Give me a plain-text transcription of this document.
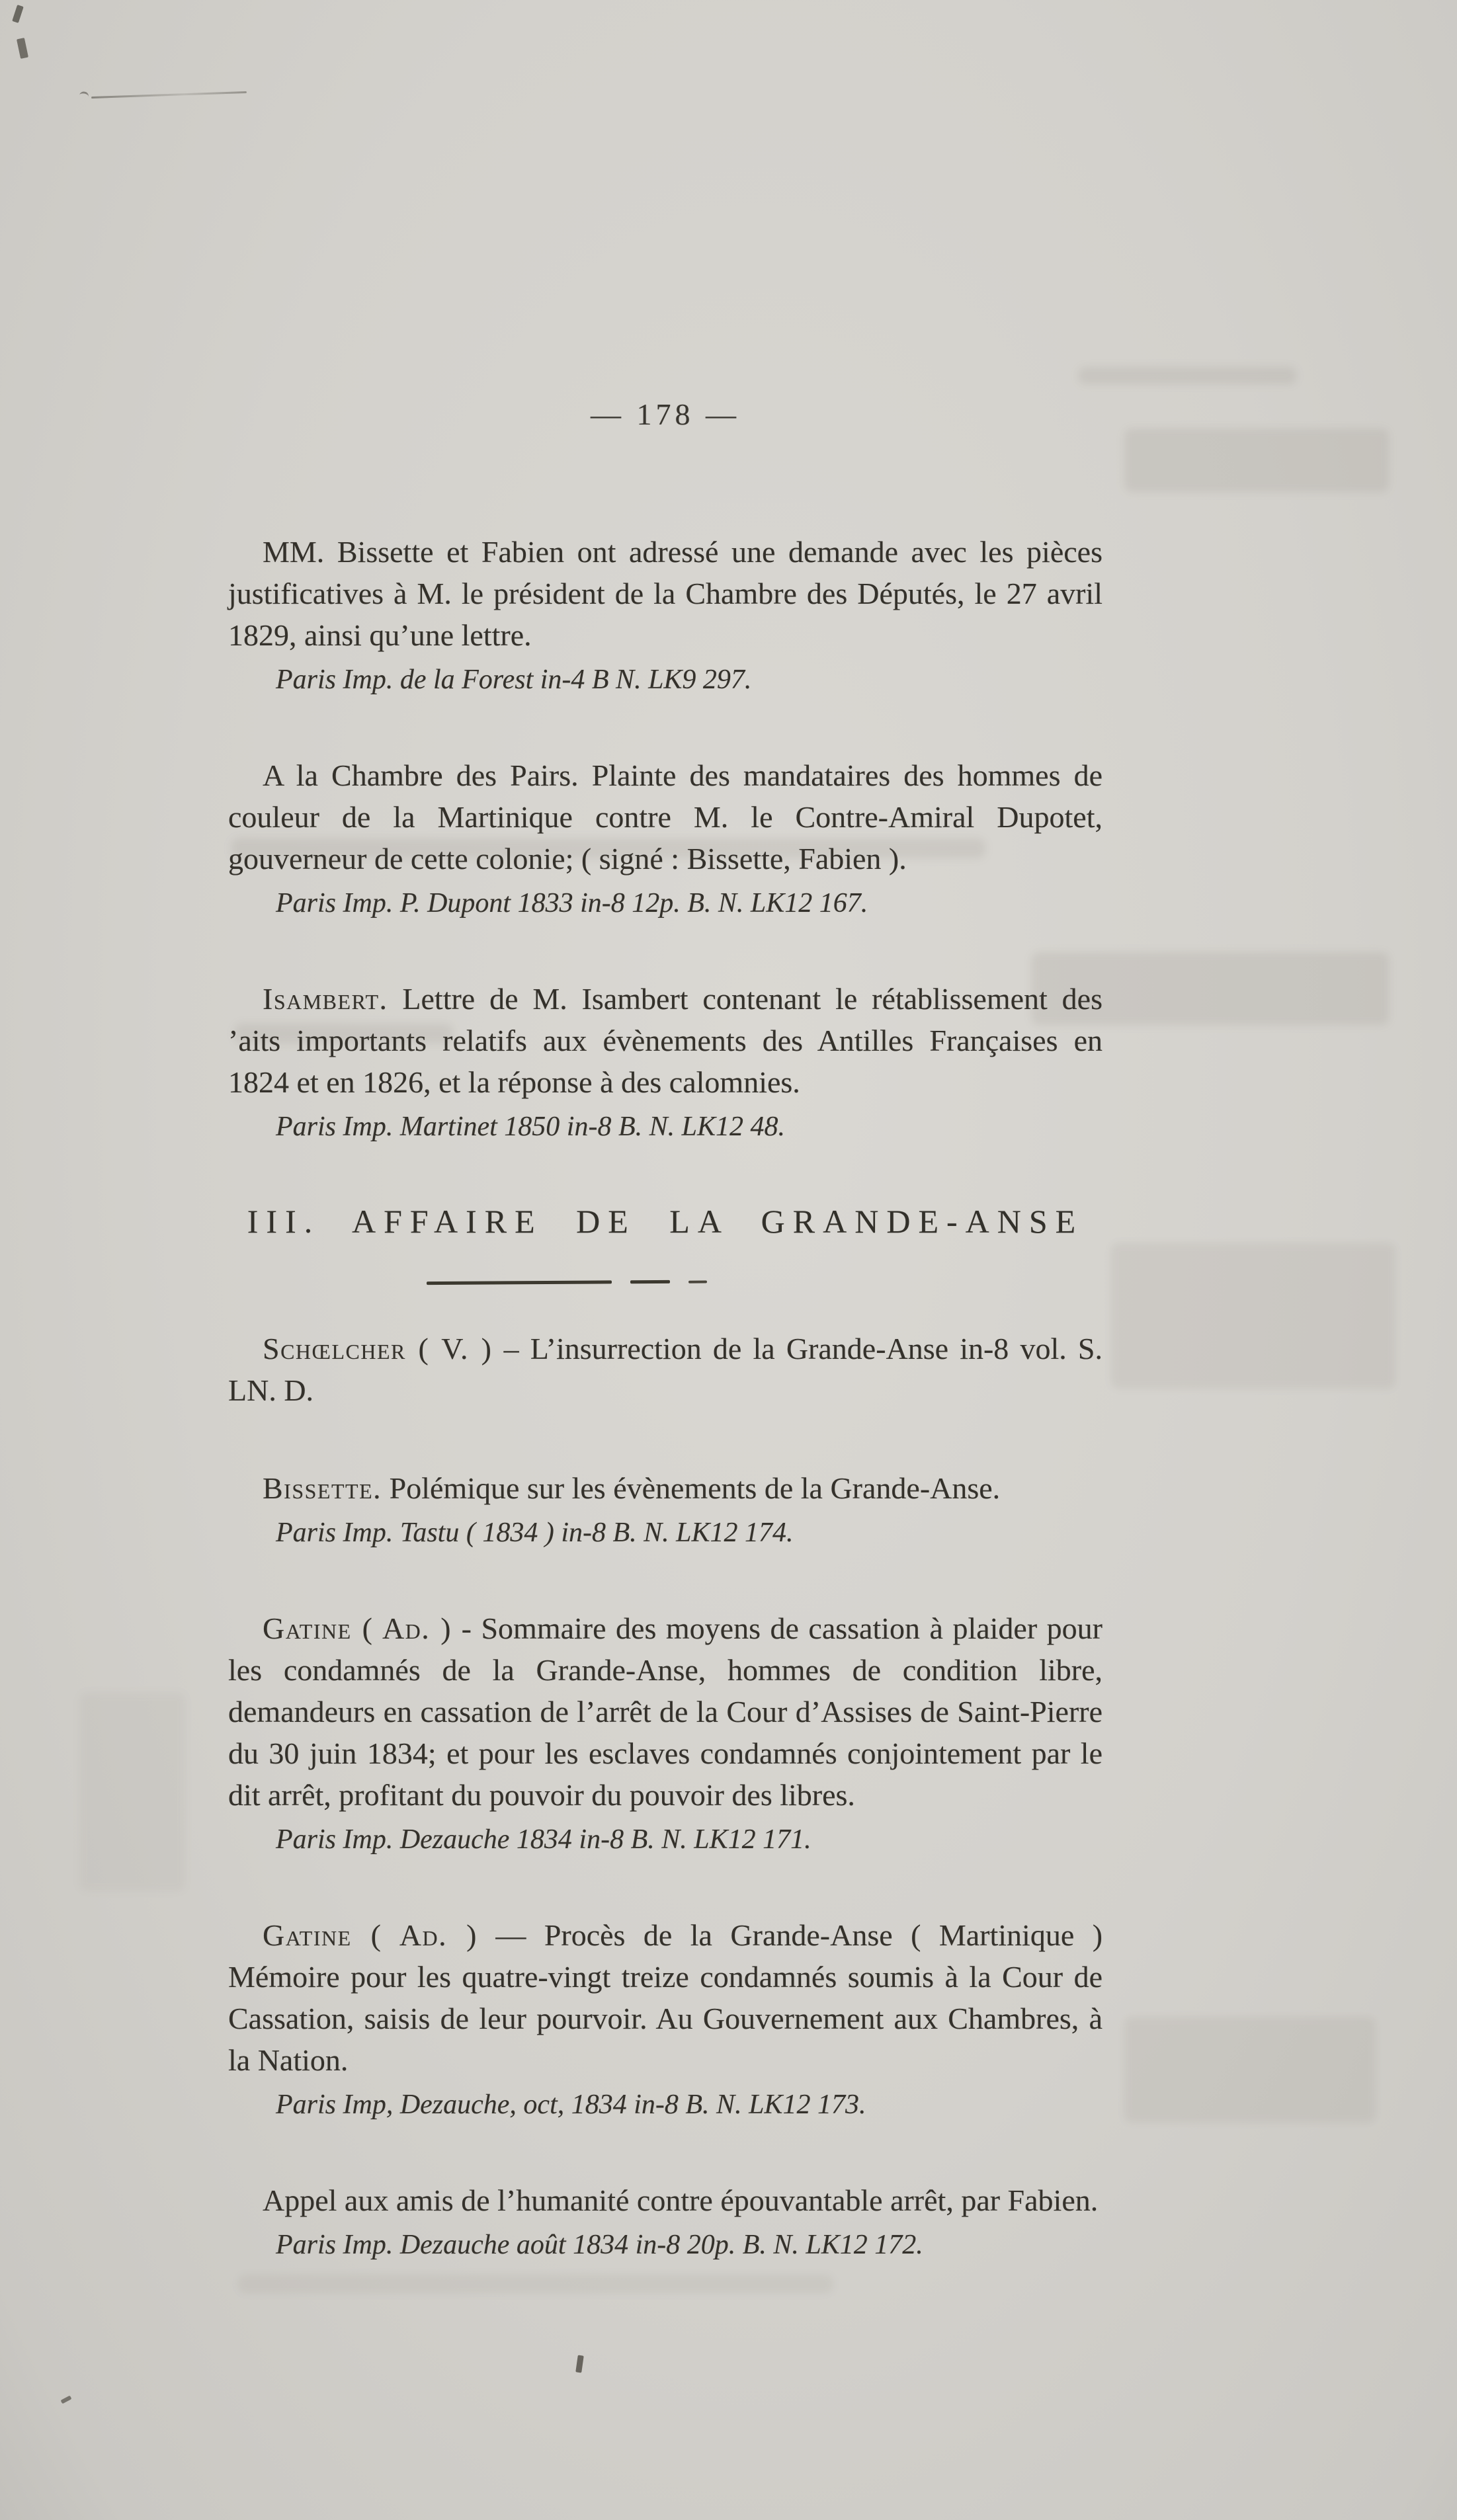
— 178 —

MM. Bissette et Fabien ont adressé une demande avec les pièces justificatives à M. le président de la Chambre des Députés, le 27 avril 1829, ainsi qu’une lettre.

Paris Imp. de la Forest in-4 B N. LK9 297.

A la Chambre des Pairs. Plainte des mandataires des hommes de couleur de la Martinique contre M. le Contre-Amiral Dupotet, gouverneur de cette colonie; ( signé : Bissette, Fabien ).

Paris Imp. P. Dupont 1833 in-8 12p. B. N. LK12 167.

Isambert. Lettre de M. Isambert contenant le rétablissement des ’aits importants relatifs aux évènements des Antilles Françaises en 1824 et en 1826, et la réponse à des calomnies.

Paris Imp. Martinet 1850 in-8 B. N. LK12 48.

III. AFFAIRE DE LA GRANDE-ANSE

Schœlcher ( V. ) – L’insurrection de la Grande-Anse in-8 vol. S. LN. D.

Bissette. Polémique sur les évènements de la Grande-Anse.

Paris Imp. Tastu ( 1834 ) in-8 B. N. LK12 174.

Gatine ( Ad. ) - Sommaire des moyens de cassation à plaider pour les condamnés de la Grande-Anse, hommes de condition libre, demandeurs en cassation de l’arrêt de la Cour d’Assises de Saint-Pierre du 30 juin 1834; et pour les esclaves condamnés conjointement par le dit arrêt, profitant du pouvoir du pouvoir des libres.

Paris Imp. Dezauche 1834 in-8 B. N. LK12 171.

Gatine ( Ad. ) — Procès de la Grande-Anse ( Martinique ) Mémoire pour les quatre-vingt treize condamnés soumis à la Cour de Cassation, saisis de leur pourvoir. Au Gouvernement aux Chambres, à la Nation.

Paris Imp, Dezauche, oct, 1834 in-8 B. N. LK12 173.

Appel aux amis de l’humanité contre épouvantable arrêt, par Fabien.

Paris Imp. Dezauche août 1834 in-8 20p. B. N. LK12 172.
